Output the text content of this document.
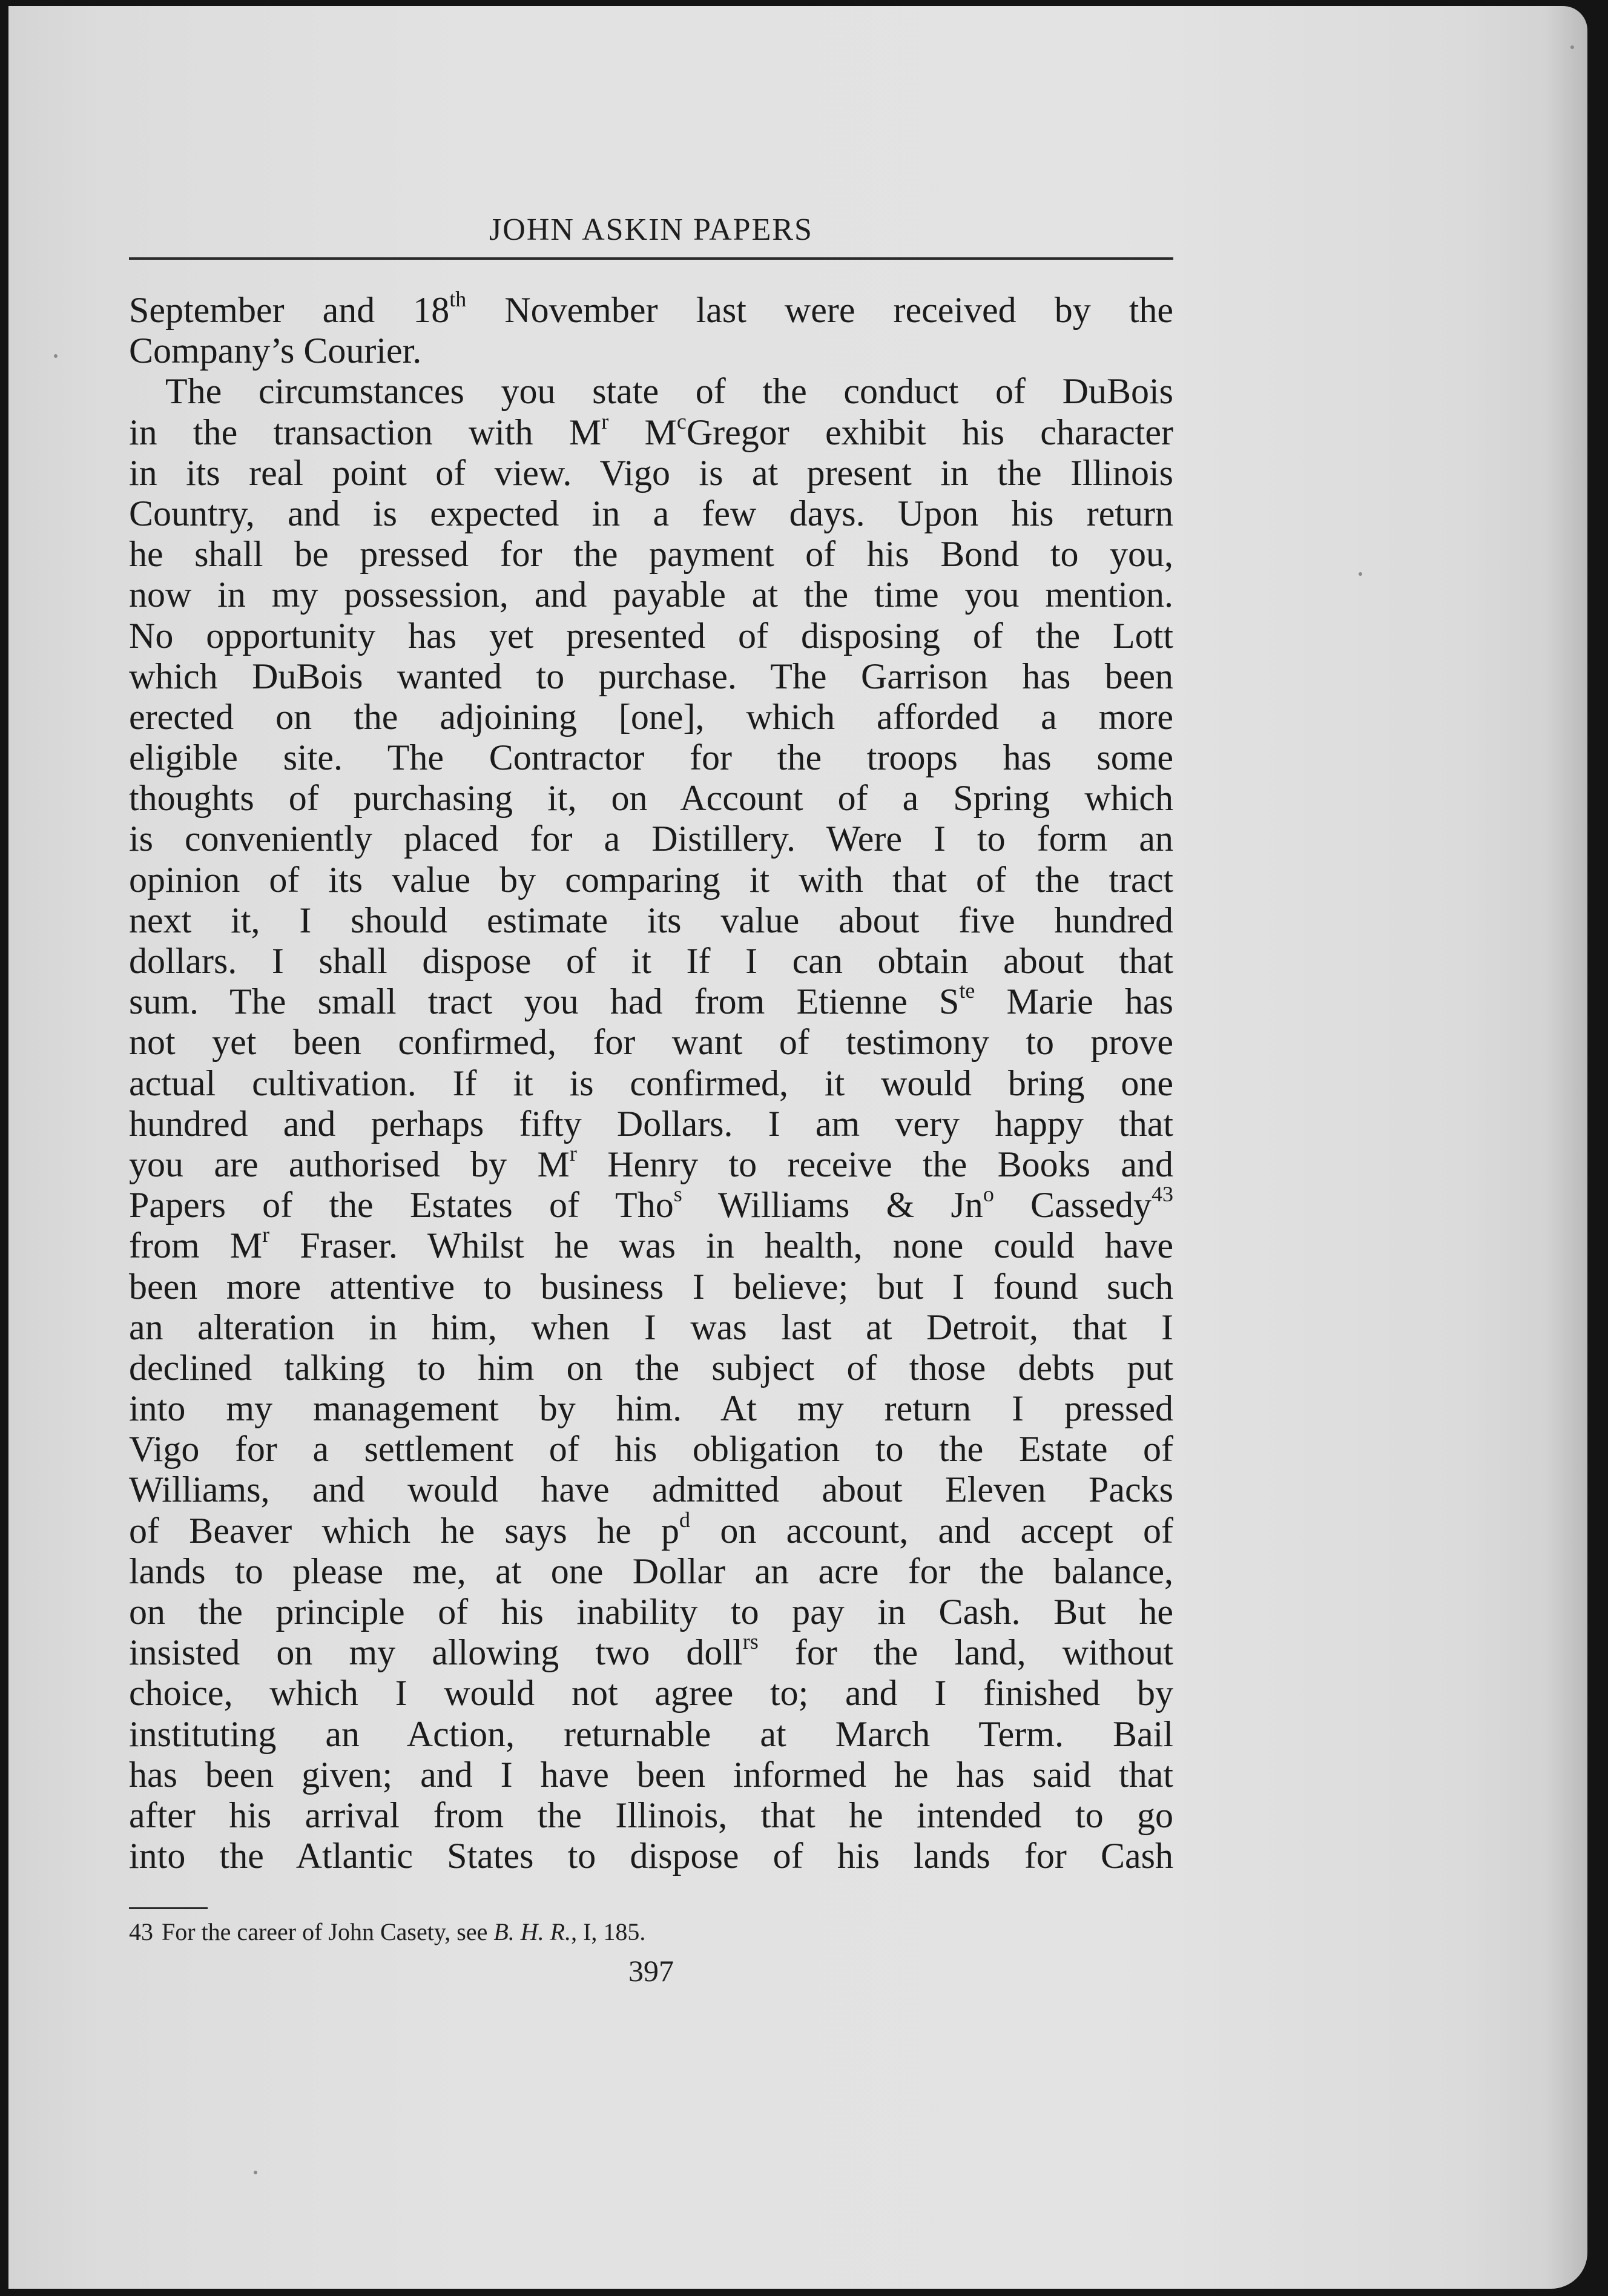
JOHN ASKIN PAPERS
September and 18th November last were received by the
Company’s Courier.
The circumstances you state of the conduct of DuBois
in the transaction with $M^r$ $M^cGregor$ exhibit his character
in its real point of view. Vigo is at present in the Illinois
Country, and is expected in a few days. Upon his return
he shall be pressed for the payment of his Bond to you,
now in my possession, and payable at the time you mention.
No opportunity has yet presented of disposing of the Lott
which DuBois wanted to purchase. The Garrison has been
erected on the adjoining [one], which afforded a more
eligible site. The Contractor for the troops has some
thoughts of purchasing it, on Account of a Spring which
is conveniently placed for a Distillery. Were I to form an
opinion of its value by comparing it with that of the tract
next it, I should estimate its value about five hundred
dollars. I shall dispose of it If I can obtain about that
sum. The small tract you had from Etienne $S^{te}$ Marie has
not yet been confirmed, for want of testimony to prove
actual cultivation. If it is confirmed, it would bring one
hundred and perhaps fifty Dollars. I am very happy that
you are authorised by $M^r$ Henry to receive the Books and
Papers of the Estates of Tho$^s$ Williams & Jn$^o$ Cassedy$^{43}$
from $M^r$ Fraser. Whilst he was in health, none could have
been more attentive to business I believe; but I found such
an alteration in him, when I was last at Detroit, that I
declined talking to him on the subject of those debts put
into my management by him. At my return I pressed
Vigo for a settlement of his obligation to the Estate of
Williams, and would have admitted about Eleven Packs
of Beaver which he says he $p^d$ on account, and accept of
lands to please me, at one Dollar an acre for the balance,
on the principle of his inability to pay in Cash. But he
insisted on my allowing two doll$^{rs}$ for the land, without
choice, which I would not agree to; and I finished by
instituting an Action, returnable at March Term. Bail
has been given; and I have been informed he has said that
after his arrival from the Illinois, that he intended to go
into the Atlantic States to dispose of his lands for Cash
43 For the career of John Casety, see B. H. R., I, 185.
397
